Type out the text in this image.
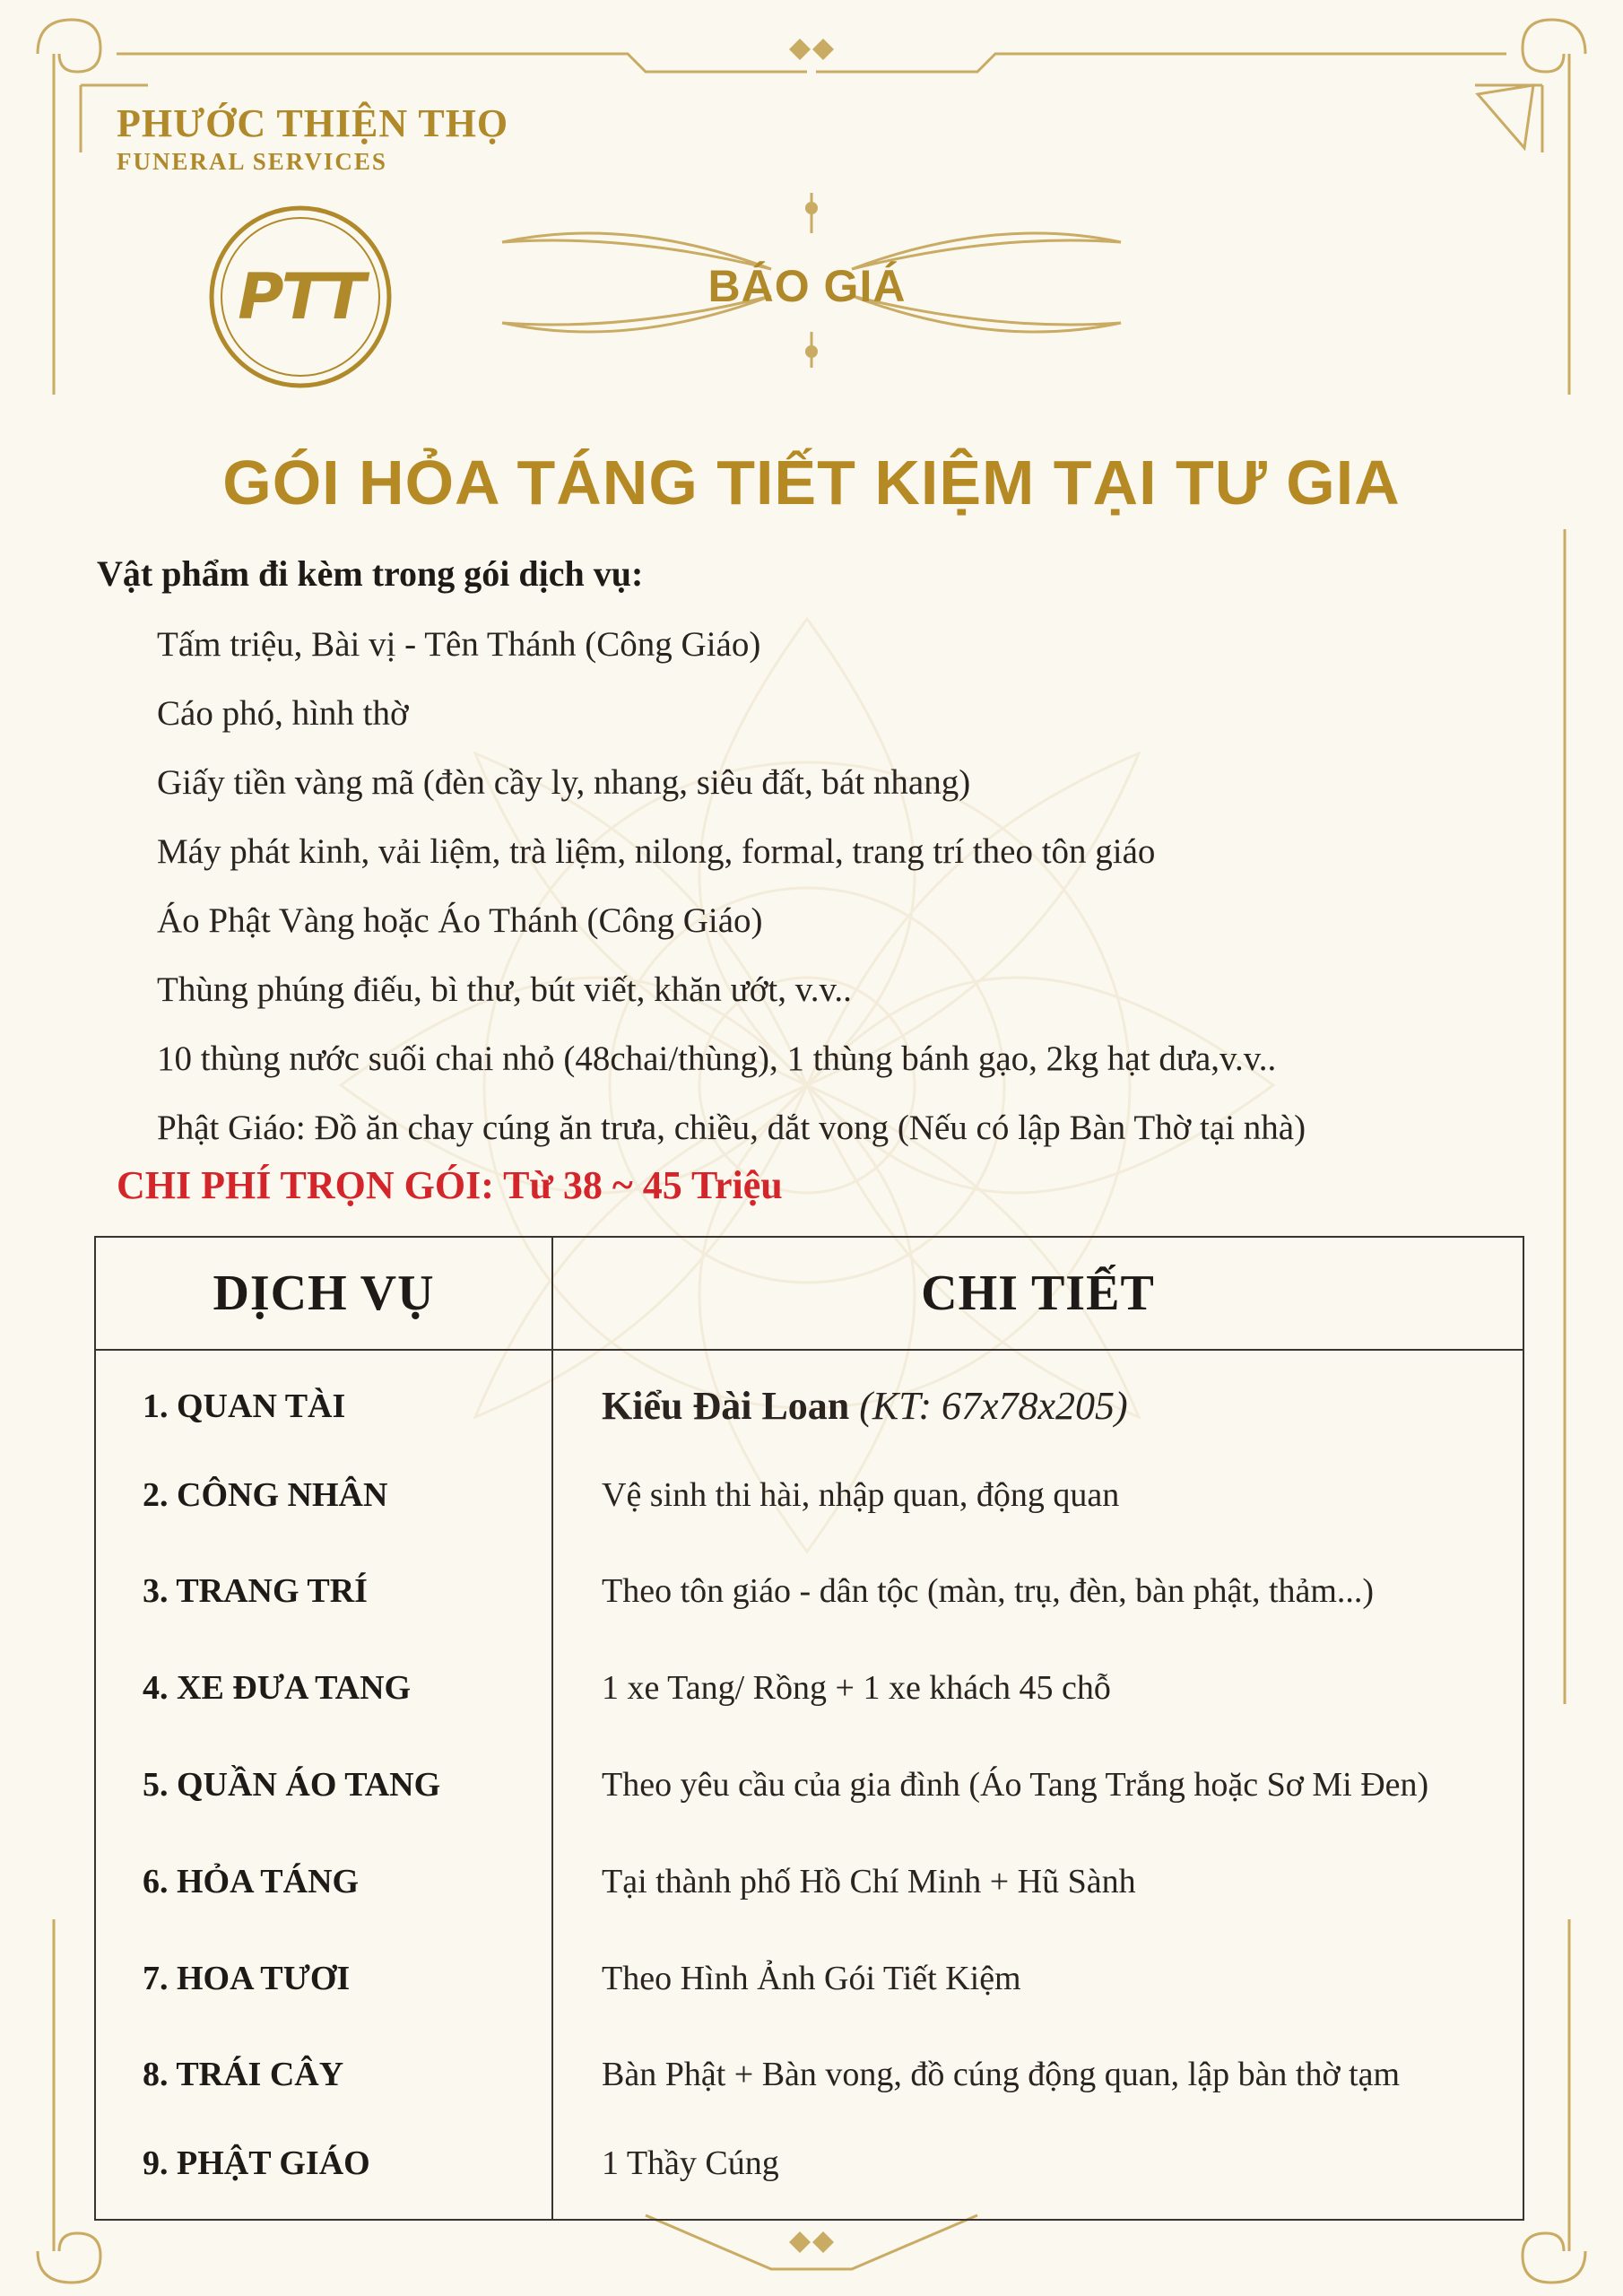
PHƯỚC THIỆN THỌ
FUNERAL SERVICES
PTT	BÁO GIÁ
GÓI HỎA TÁNG TIẾT KIỆM TẠI TƯ GIA
Vật phẩm đi kèm trong gói dịch vụ:
Tấm triệu, Bài vị - Tên Thánh (Công Giáo)
Cáo phó, hình thờ
Giấy tiền vàng mã (đèn cầy ly, nhang, siêu đất, bát nhang)
Máy phát kinh, vải liệm, trà liệm, nilong, formal, trang trí theo tôn giáo
Áo Phật Vàng hoặc Áo Thánh (Công Giáo)
Thùng phúng điếu, bì thư, bút viết, khăn ướt, v.v..
10 thùng nước suối chai nhỏ (48chai/thùng), 1 thùng bánh gạo, 2kg hạt dưa,v.v..
Phật Giáo: Đồ ăn chay cúng ăn trưa, chiều, dắt vong (Nếu có lập Bàn Thờ tại nhà)
CHI PHÍ TRỌN GÓI: Từ 38 ~ 45 Triệu
DỊCH VỤ	CHI TIẾT
1. QUAN TÀI	Kiểu Đài Loan (KT: 67x78x205)
2. CÔNG NHÂN	Vệ sinh thi hài, nhập quan, động quan
3. TRANG TRÍ	Theo tôn giáo - dân tộc (màn, trụ, đèn, bàn phật, thảm...)
4. XE ĐƯA TANG	1 xe Tang/ Rồng + 1 xe khách 45 chỗ
5. QUẦN ÁO TANG	Theo yêu cầu của gia đình (Áo Tang Trắng hoặc Sơ Mi Đen)
6. HỎA TÁNG	Tại thành phố Hồ Chí Minh + Hũ Sành
7. HOA TƯƠI	Theo Hình Ảnh Gói Tiết Kiệm
8. TRÁI CÂY	Bàn Phật + Bàn vong, đồ cúng động quan, lập bàn thờ tạm
9. PHẬT GIÁO	1 Thầy Cúng
